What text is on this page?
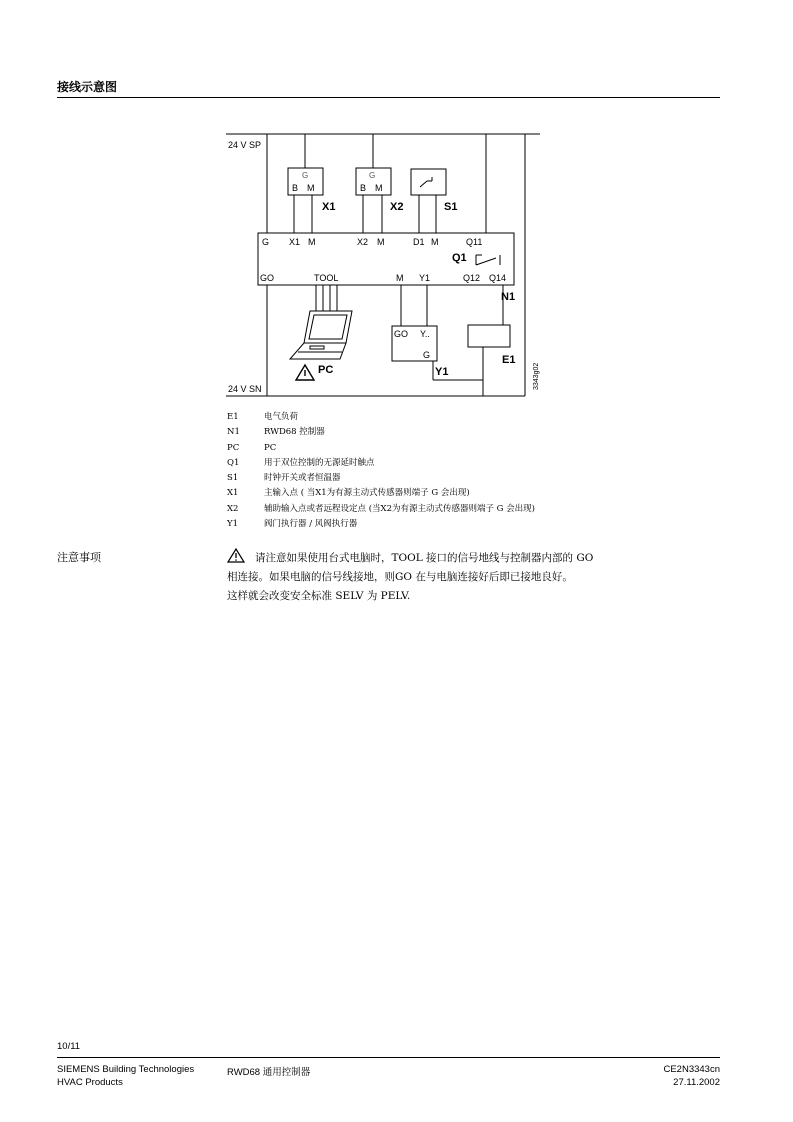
接线示意图
24 V SP
24 V SN
G
B M
X1
G
B M
X2	S1
G X1 M	X2 M	D1 M	Q11
Q1
GO	TOOL	M Y1	Q12 Q14
N1
PC
GO Y..
G
Y1
E1
3343g02
E1	电气负荷
N1	RWD68 控制器
PC	PC
Q1	用于双位控制的无源延时触点
S1	时钟开关或者恒温器
X1	主输入点 ( 当X1为有源主动式传感器则端子 G 会出现)
X2	辅助输入点或者远程设定点 (当X2为有源主动式传感器则端子 G 会出现)
Y1	阀门执行器 / 风阀执行器
注意事项	请注意如果使用台式电脑时，TOOL 接口的信号地线与控制器内部的 GO
相连接。如果电脑的信号线接地，则GO 在与电脑连接好后即已接地良好。
这样就会改变安全标准 SELV 为 PELV.
10/11
SIEMENS Building Technologies	RWD68 通用控制器	CE2N3343cn
HVAC Products	27.11.2002
